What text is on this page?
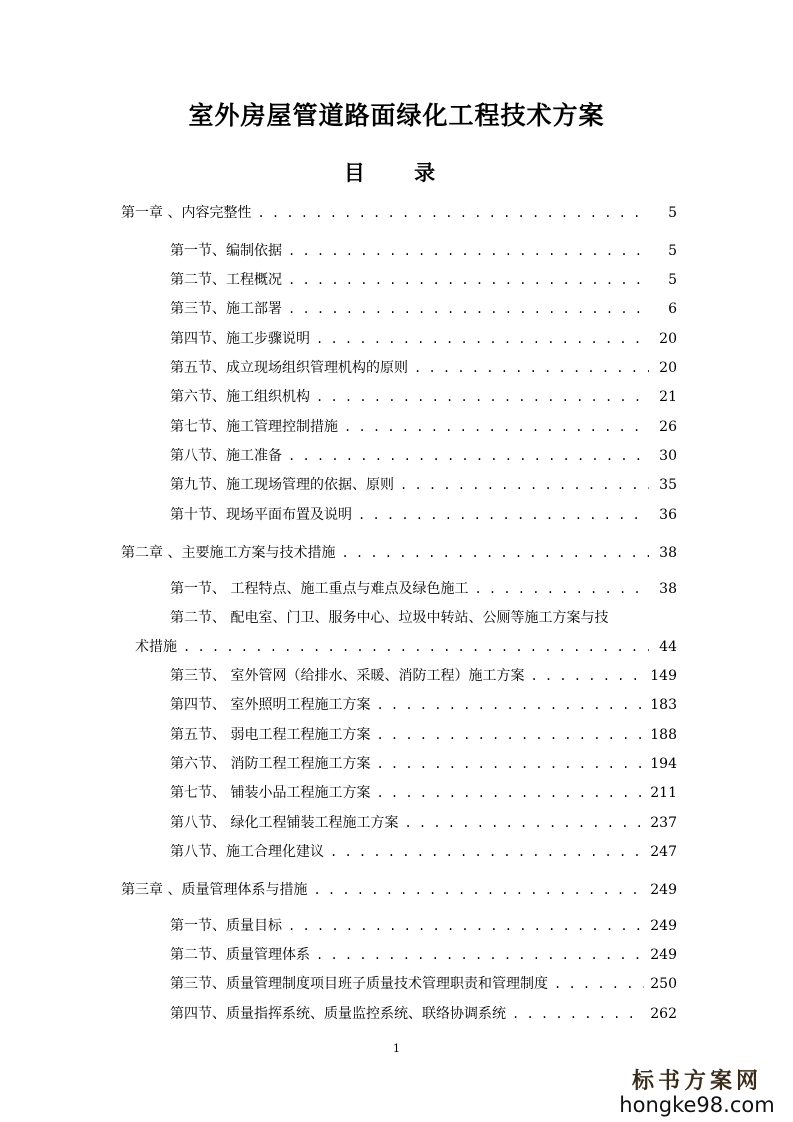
室外房屋管道路面绿化工程技术方案
目 录
第一章 、内容完整性 . . .	5
第一节、编制依据 . . .	5
第二节、工程概况 . . .	5
第三节、施工部署 . . .	6
第四节、施工步骤说明 . . .	20
第五节、成立现场组织管理机构的原则 . . .	20
第六节、施工组织机构 . . .	21
第七节、施工管理控制措施 . . .	26
第八节、施工准备 . . .	30
第九节、施工现场管理的依据、原则 . . .	35
第十节、现场平面布置及说明 . . .	36
第二章 、主要施工方案与技术措施 . . .	38
第一节、 工程特点、施工重点与难点及绿色施工 . . .	38
第二节、 配电室、门卫、服务中心、垃圾中转站、公厕等施工方案与技
术措施 . . .	44
第三节、 室外管网（给排水、采暖、消防工程）施工方案 . . .	149
第四节、 室外照明工程施工方案 . . .	183
第五节、 弱电工程工程施工方案 . . .	188
第六节、 消防工程工程施工方案 . . .	194
第七节、 铺装小品工程施工方案 . . .	211
第八节、 绿化工程铺装工程施工方案 . . .	237
第八节、施工合理化建议 . . .	247
第三章 、质量管理体系与措施 . . .	249
第一节、质量目标 . . .	249
第二节、质量管理体系 . . .	249
第三节、质量管理制度项目班子质量技术管理职责和管理制度 . . .	250
第四节、质量指挥系统、质量监控系统、联络协调系统 . . .	262
1
标书方案网
hongke98.com
